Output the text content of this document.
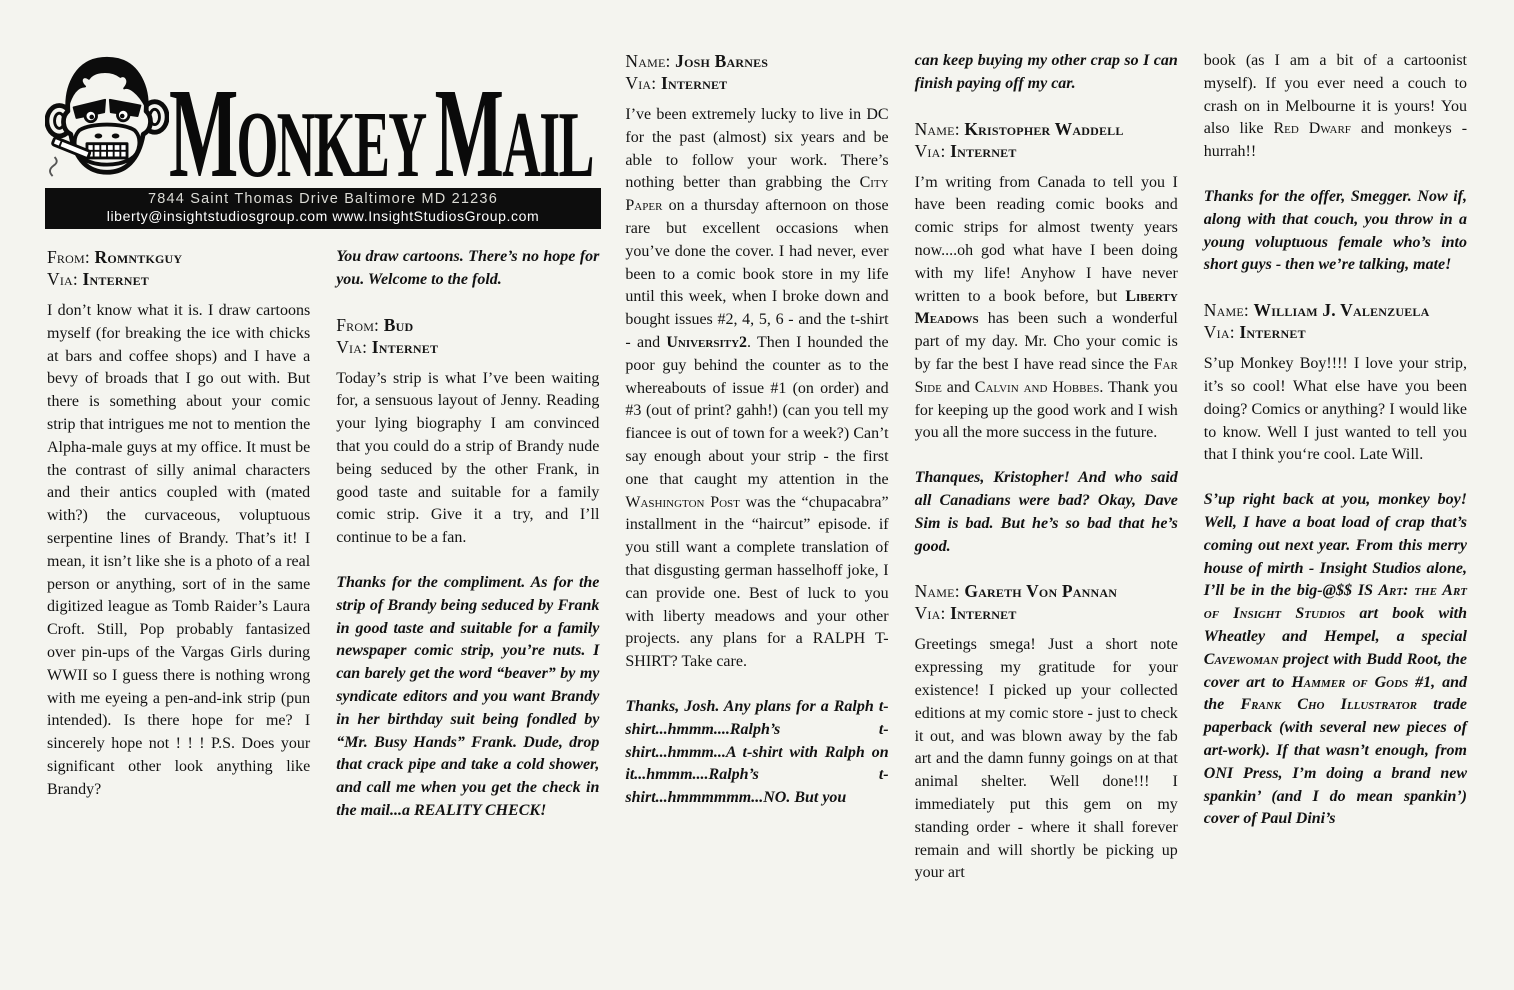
MONKEYMAIL
7844 Saint Thomas Drive Baltimore MD 21236
liberty@insightstudiosgroup.com www.InsightStudiosGroup.com
From: Romntkguy
Via: Internet

I don’t know what it is. I draw cartoons myself (for breaking the ice with chicks at bars and coffee shops) and I have a bevy of broads that I go out with. But there is something about your comic strip that intrigues me not to mention the Alpha-male guys at my office. It must be the contrast of silly animal characters and their antics coupled with (mated with?) the curvaceous, voluptuous serpentine lines of Brandy. That’s it! I mean, it isn’t like she is a photo of a real person or anything, sort of in the same digitized league as Tomb Raider’s Laura Croft. Still, Pop probably fantasized over pin-ups of the Vargas Girls during WWII so I guess there is nothing wrong with me eyeing a pen-and-ink strip (pun intended). Is there hope for me? I sincerely hope not ! ! ! P.S. Does your significant other look anything like Brandy?

You draw cartoons. There’s no hope for you. Welcome to the fold.

From: Bud
Via: Internet

Today’s strip is what I’ve been waiting for, a sensuous layout of Jenny. Reading your lying biography I am convinced that you could do a strip of Brandy nude being seduced by the other Frank, in good taste and suitable for a family comic strip. Give it a try, and I’ll continue to be a fan.

Thanks for the compliment. As for the strip of Brandy being seduced by Frank in good taste and suitable for a family newspaper comic strip, you’re nuts. I can barely get the word “beaver” by my syndicate editors and you want Brandy in her birthday suit being fondled by “Mr. Busy Hands” Frank. Dude, drop that crack pipe and take a cold shower, and call me when you get the check in the mail...a REALITY CHECK!

Name: Josh Barnes
Via: Internet

I’ve been extremely lucky to live in DC for the past (almost) six years and be able to follow your work. There’s nothing better than grabbing the City Paper on a thursday afternoon on those rare but excellent occasions when you’ve done the cover. I had never, ever been to a comic book store in my life until this week, when I broke down and bought issues #2, 4, 5, 6 - and the t-shirt - and University2. Then I hounded the poor guy behind the counter as to the whereabouts of issue #1 (on order) and #3 (out of print? gahh!) (can you tell my fiancee is out of town for a week?) Can’t say enough about your strip - the first one that caught my attention in the Washington Post was the “chupacabra” installment in the “haircut” episode. if you still want a complete translation of that disgusting german hasselhoff joke, I can provide one. Best of luck to you with liberty meadows and your other projects. any plans for a RALPH T-SHIRT? Take care.

Thanks, Josh. Any plans for a Ralph t-shirt...hmmm....Ralph’s t-shirt...hmmm...A t-shirt with Ralph on it...hmmm....Ralph’s t-shirt...hmmmmmm...NO. But you

can keep buying my other crap so I can finish paying off my car.

Name: Kristopher Waddell
Via: Internet

I’m writing from Canada to tell you I have been reading comic books and comic strips for almost twenty years now....oh god what have I been doing with my life! Anyhow I have never written to a book before, but Liberty Meadows has been such a wonderful part of my day. Mr. Cho your comic is by far the best I have read since the Far Side and Calvin and Hobbes. Thank you for keeping up the good work and I wish you all the more success in the future.

Thanques, Kristopher! And who said all Canadians were bad? Okay, Dave Sim is bad. But he’s so bad that he’s good.

Name: Gareth Von Pannan
Via: Internet

Greetings smega! Just a short note expressing my gratitude for your existence! I picked up your collected editions at my comic store - just to check it out, and was blown away by the fab art and the damn funny goings on at that animal shelter. Well done!!! I immediately put this gem on my standing order - where it shall forever remain and will shortly be picking up your art

book (as I am a bit of a cartoonist myself). If you ever need a couch to crash on in Melbourne it is yours! You also like Red Dwarf and monkeys - hurrah!!

Thanks for the offer, Smegger. Now if, along with that couch, you throw in a young voluptuous female who’s into short guys - then we’re talking, mate!

Name: William J. Valenzuela
Via: Internet

S’up Monkey Boy!!!! I love your strip, it’s so cool! What else have you been doing? Comics or anything? I would like to know. Well I just wanted to tell you that I think you‘re cool. Late Will.

S’up right back at you, monkey boy! Well, I have a boat load of crap that’s coming out next year. From this merry house of mirth - Insight Studios alone, I’ll be in the big-@$$ IS Art: the Art of Insight Studios art book with Wheatley and Hempel, a special Cavewoman project with Budd Root, the cover art to Hammer of Gods #1, and the Frank Cho Illustrator trade paperback (with several new pieces of art-work). If that wasn’t enough, from ONI Press, I’m doing a brand new spankin’ (and I do mean spankin’) cover of Paul Dini’s
